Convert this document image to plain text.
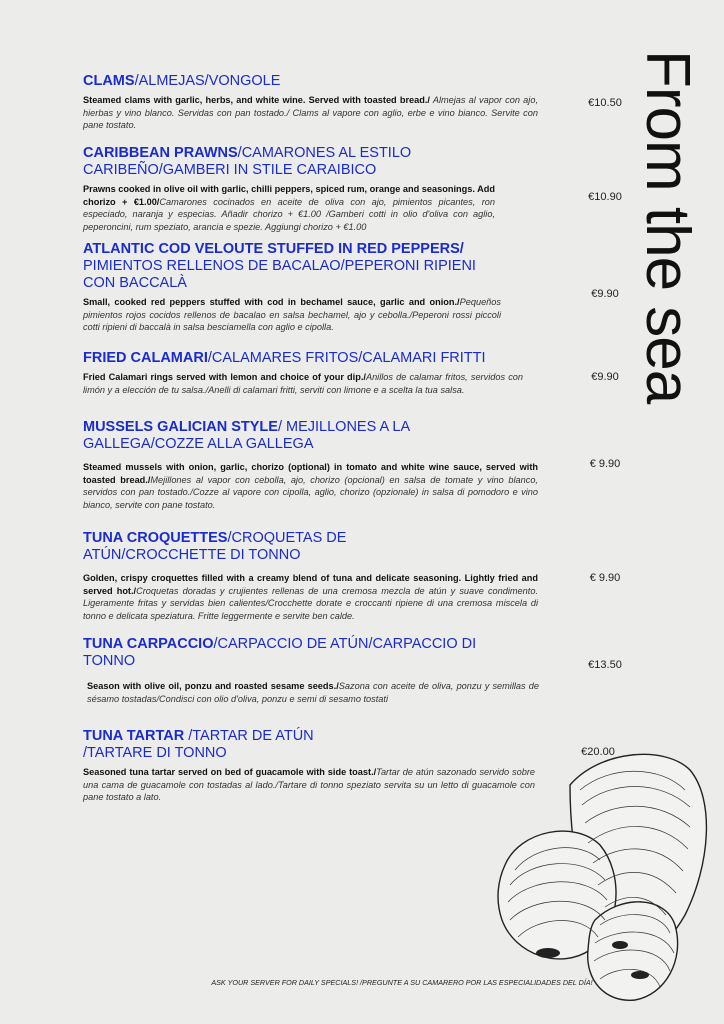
From the sea
CLAMS/ALMEJAS/VONGOLE
Steamed clams with garlic, herbs, and white wine. Served with toasted bread./ Almejas al vapor con ajo, hierbas y vino blanco. Servidas con pan tostado./ Clams al vapore con aglio, erbe e vino bianco. Servite con pane tostato.
€10.50
CARIBBEAN PRAWNS/CAMARONES AL ESTILO CARIBEÑO/GAMBERI IN STILE CARAIBICO
Prawns cooked in olive oil with garlic, chilli peppers, spiced rum, orange and seasonings. Add chorizo + €1.00/Camarones cocinados en aceite de oliva con ajo, pimientos picantes, ron especiado, naranja y especias. Añadir chorizo + €1.00 /Gamberi cotti in olio d'oliva con aglio, peperoncini, rum speziato, arancia e spezie. Aggiungi chorizo + €1.00
€10.90
ATLANTIC COD VELOUTE STUFFED IN RED PEPPERS/ PIMIENTOS RELLENOS DE BACALAO/PEPERONI RIPIENI CON BACCALÀ
Small, cooked red peppers stuffed with cod in bechamel sauce, garlic and onion./Pequeños pimientos rojos cocidos rellenos de bacalao en salsa bechamel, ajo y cebolla./Peperoni rossi piccoli cotti ripieni di baccalà in salsa besciamella con aglio e cipolla.
€9.90
FRIED CALAMARI/CALAMARES FRITOS/CALAMARI FRITTI
Fried Calamari rings served with lemon and choice of your dip./Anillos de calamar fritos, servidos con limón y a elección de tu salsa./Anelli di calamari fritti, serviti con limone e a scelta la tua salsa.
€9.90
MUSSELS GALICIAN STYLE/ MEJILLONES A LA GALLEGA/COZZE ALLA GALLEGA
Steamed mussels with onion, garlic, chorizo (optional) in tomato and white wine sauce, served with toasted bread./Mejillones al vapor con cebolla, ajo, chorizo (opcional) en salsa de tomate y vino blanco, servidos con pan tostado./Cozze al vapore con cipolla, aglio, chorizo (opzionale) in salsa di pomodoro e vino bianco, servite con pane tostato.
€ 9.90
TUNA CROQUETTES/CROQUETAS DE ATÚN/CROCCHETTE DI TONNO
Golden, crispy croquettes filled with a creamy blend of tuna and delicate seasoning. Lightly fried and served hot./Croquetas doradas y crujientes rellenas de una cremosa mezcla de atún y suave condimento. Ligeramente fritas y servidas bien calientes/Crocchette dorate e croccanti ripiene di una cremosa miscela di tonno e delicata speziatura. Fritte leggermente e servite ben calde.
€ 9.90
TUNA CARPACCIO/CARPACCIO DE ATÚN/CARPACCIO DI TONNO
Season with olive oil, ponzu and roasted sesame seeds./Sazona con aceite de oliva, ponzu y semillas de sésamo tostadas/Condisci con olio d'oliva, ponzu e semi di sesamo tostati
€13.50
TUNA TARTAR /TARTAR DE ATÚN /TARTARE DI TONNO
Seasoned tuna tartar served on bed of guacamole with side toast./Tartar de atún sazonado servido sobre una cama de guacamole con tostadas al lado./Tartare di tonno speziato servita su un letto di guacamole con pane tostato a lato.
€20.00
ASK YOUR SERVER FOR DAILY SPECIALS! /PREGUNTE A SU CAMARERO POR LAS ESPECIALIDADES DEL DÍA!
